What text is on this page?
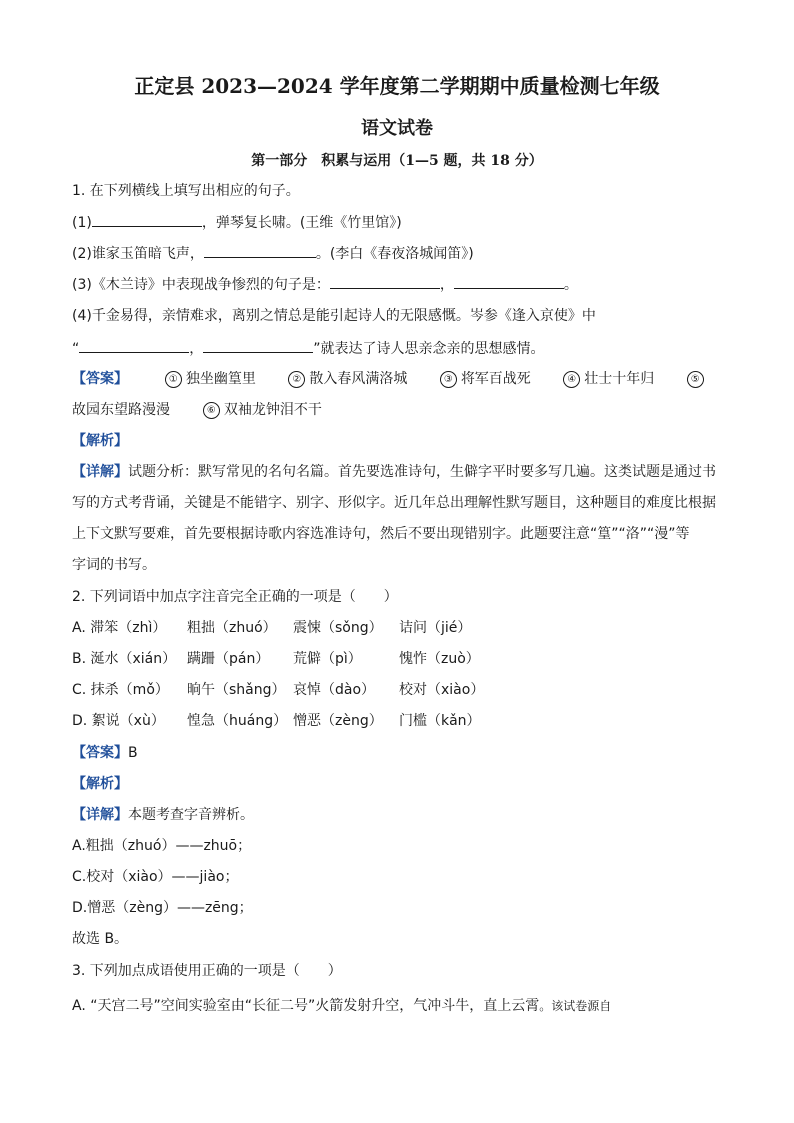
正定县 2023—2024 学年度第二学期期中质量检测七年级
语文试卷
第一部分　积累与运用（1—5 题，共 18 分）
1. 在下列横线上填写出相应的句子。
(1)	，弹琴复长啸。(王维《竹里馆》)
(2)谁家玉笛暗飞声，	。(李白《春夜洛城闻笛》)
(3)《木兰诗》中表现战争惨烈的句子是：	，	。
(4)千金易得，亲情难求，离别之情总是能引起诗人的无限感慨。岑参《逢入京使》中
“	，	”就表达了诗人思亲念亲的思想感情。
【答案】	① 独坐幽篁里	② 散入春风满洛城	③ 将军百战死	④ 壮士十年归	⑤
故园东望路漫漫	⑥ 双袖龙钟泪不干
【解析】
【详解】试题分析：默写常见的名句名篇。首先要选准诗句，生僻字平时要多写几遍。这类试题是通过书
写的方式考背诵，关键是不能错字、别字、形似字。近几年总出理解性默写题目，这种题目的难度比根据
上下文默写要难，首先要根据诗歌内容选准诗句，然后不要出现错别字。此题要注意“篁”“洛”“漫”等
字词的书写。
2. 下列词语中加点字注音完全正确的一项是（　　）
A. 滞笨（zhì） 粗拙（zhuó） 震悚（sǒng） 诘问（jié）
B. 涎水（xián） 蹒跚（pán） 荒僻（pì）	愧怍（zuò）
C. 抹杀（mǒ） 晌午（shǎng） 哀悼（dào） 校对（xiào）
D. 絮说（xù） 惶急（huáng） 憎恶（zèng） 门槛（kǎn）
【答案】B
【解析】
【详解】本题考查字音辨析。
A.粗拙（zhuó）——zhuō；
C.校对（xiào）——jiào；
D.憎恶（zèng）——zēng；
故选 B。
3. 下列加点成语使用正确的一项是（　　）
A. “天宫二号”空间实验室由“长征二号”火箭发射升空，气冲斗牛，直上云霄。该试卷源自
